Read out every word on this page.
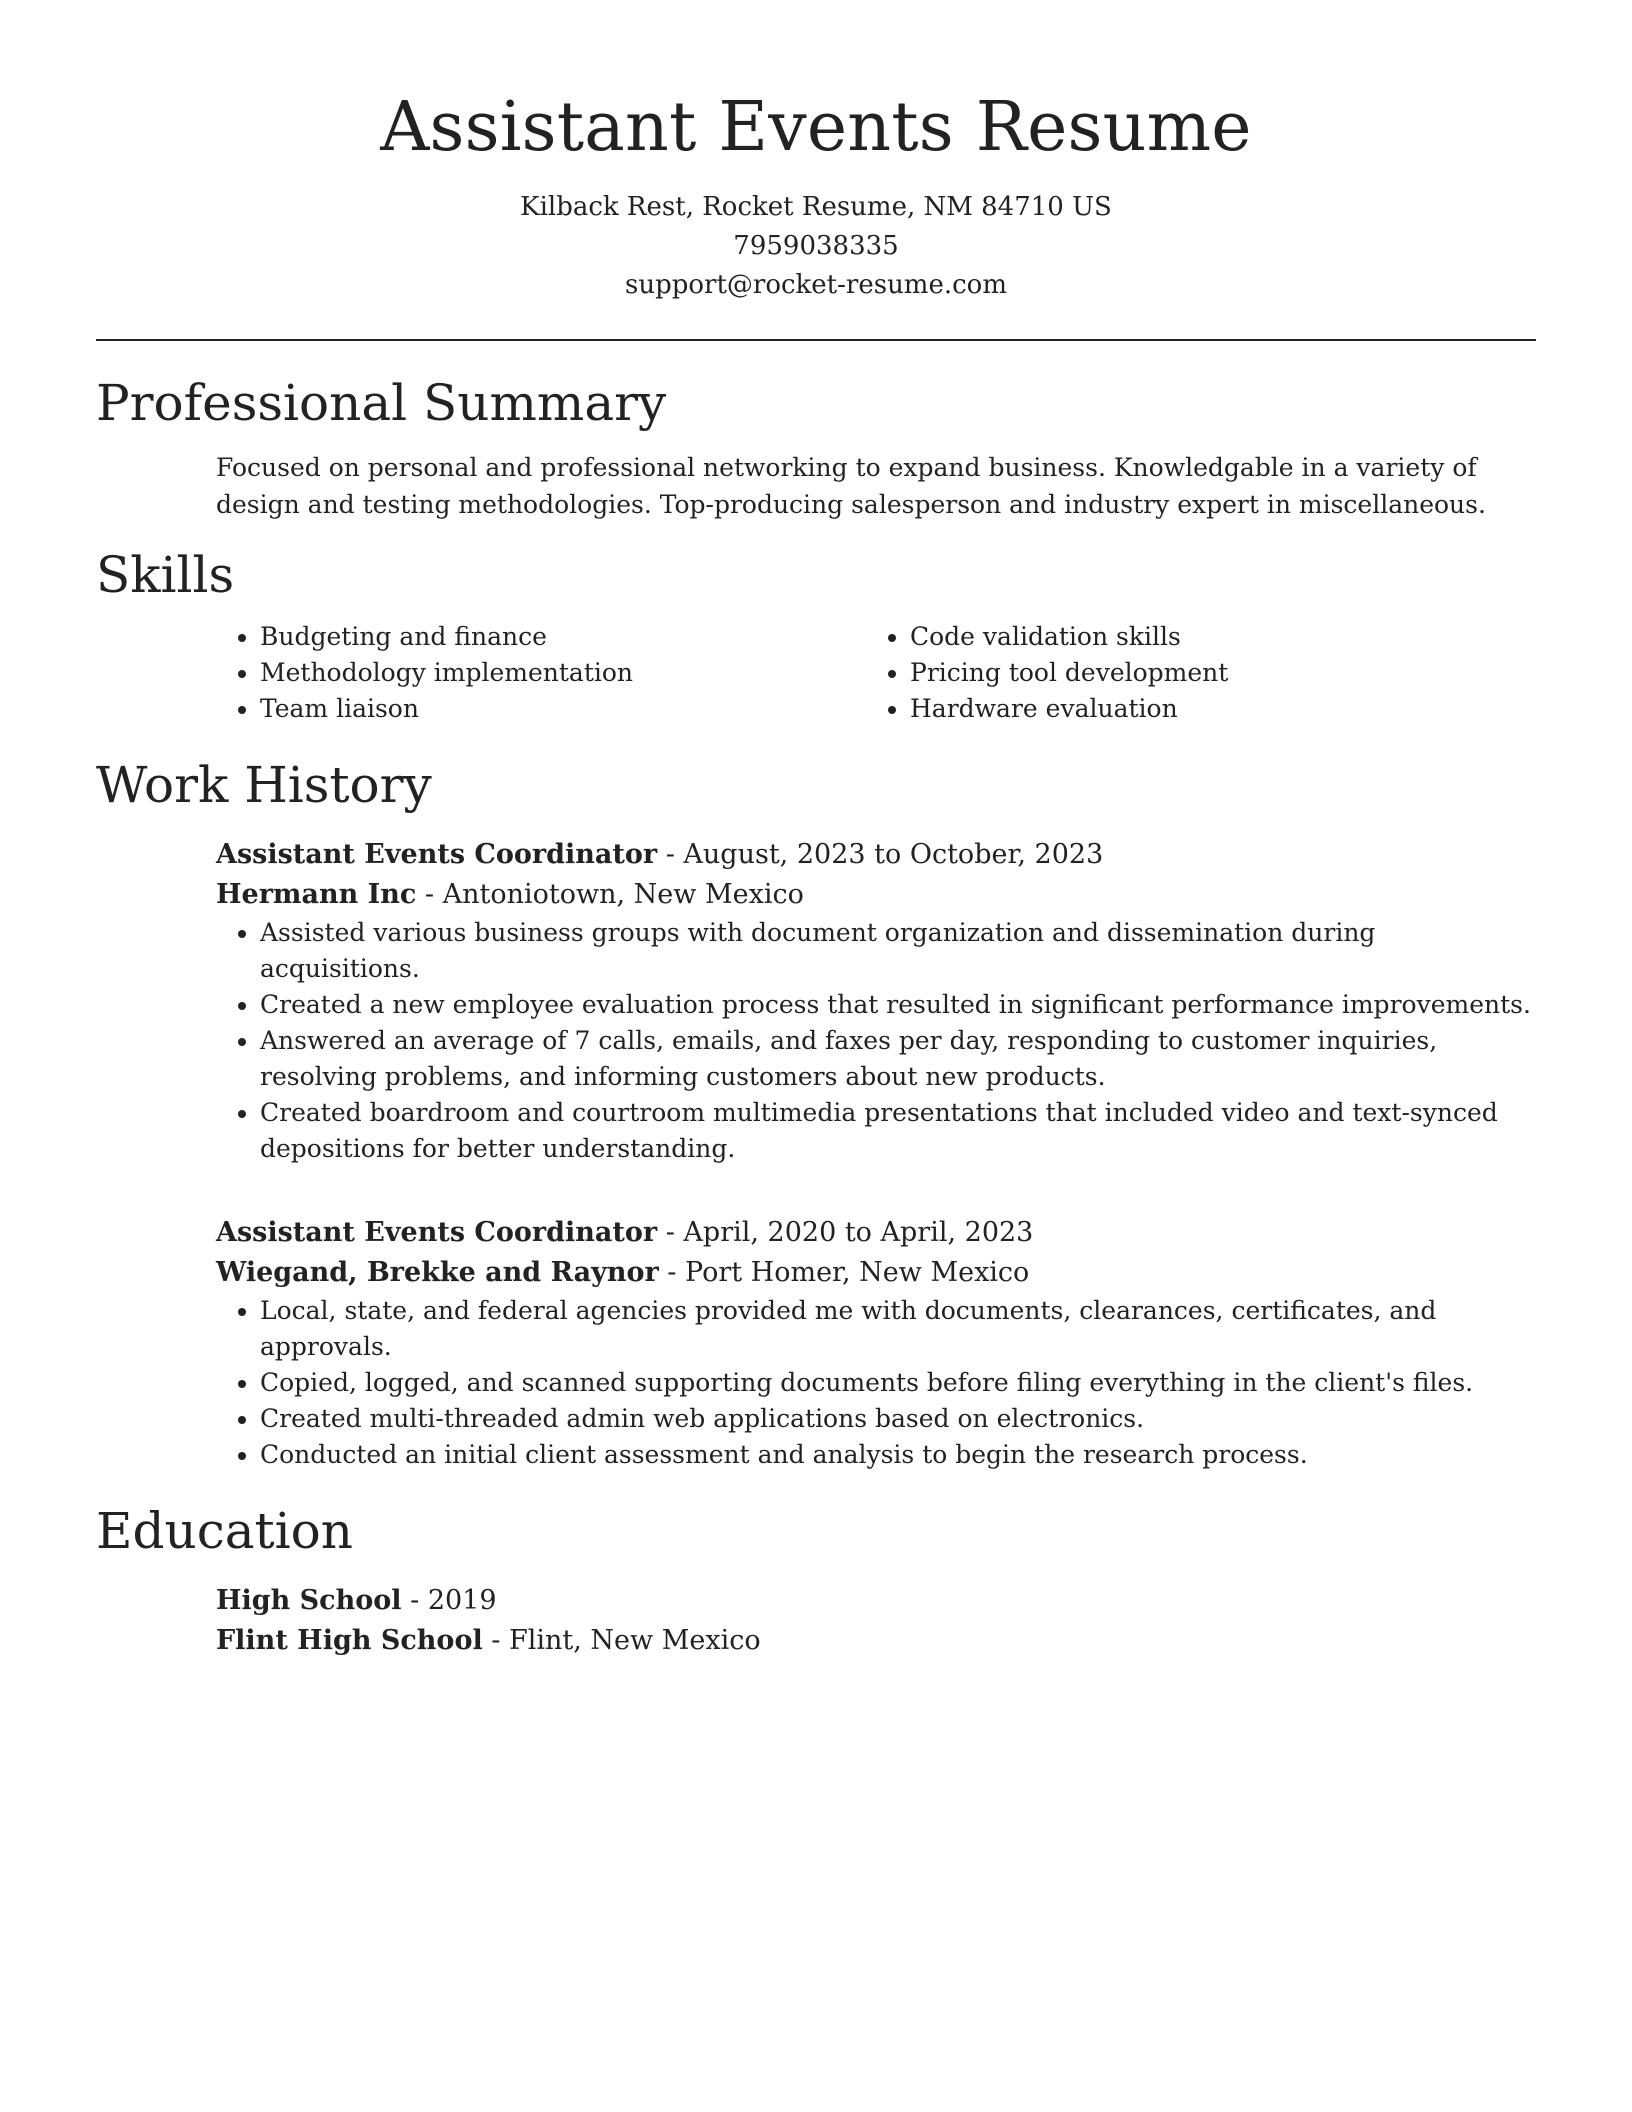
Assistant Events Resume
Kilback Rest, Rocket Resume, NM 84710 US
7959038335
support@rocket-resume.com
Professional Summary

Focused on personal and professional networking to expand business. Knowledgable in a variety of design and testing methodologies. Top-producing salesperson and industry expert in miscellaneous.

Skills
• Budgeting and finance
• Methodology implementation
• Team liaison
• Code validation skills
• Pricing tool development
• Hardware evaluation
Work History
Assistant Events Coordinator - August, 2023 to October, 2023
Hermann Inc - Antoniotown, New Mexico
• Assisted various business groups with document organization and dissemination during acquisitions.
• Created a new employee evaluation process that resulted in significant performance improvements.
• Answered an average of 7 calls, emails, and faxes per day, responding to customer inquiries, resolving problems, and informing customers about new products.
• Created boardroom and courtroom multimedia presentations that included video and text-synced depositions for better understanding.
Assistant Events Coordinator - April, 2020 to April, 2023
Wiegand, Brekke and Raynor - Port Homer, New Mexico
• Local, state, and federal agencies provided me with documents, clearances, certificates, and approvals.
• Copied, logged, and scanned supporting documents before filing everything in the client's files.
• Created multi-threaded admin web applications based on electronics.
• Conducted an initial client assessment and analysis to begin the research process.
Education
High School - 2019
Flint High School - Flint, New Mexico
